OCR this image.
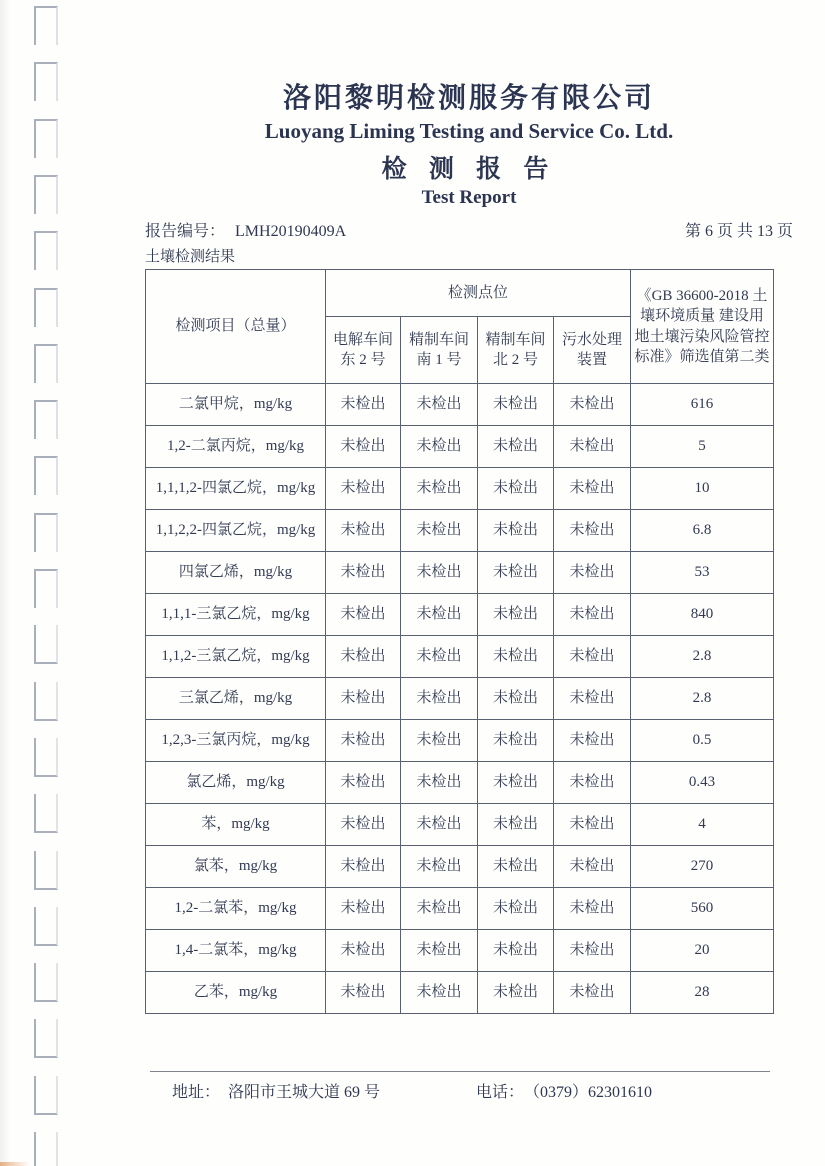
洛阳黎明检测服务有限公司
Luoyang Liming Testing and Service Co. Ltd.
检 测 报 告
Test Report
报告编号： LMH20190409A	第 6 页 共 13 页
土壤检测结果
检测项目（总量）	检测点位				《GB 36600-2018 土壤环境质量 建设用地土壤污染风险管控标准》筛选值第二类
	电解车间东 2 号	精制车间南 1 号	精制车间北 2 号	污水处理装置	
二氯甲烷，mg/kg	未检出	未检出	未检出	未检出	616
1,2-二氯丙烷，mg/kg	未检出	未检出	未检出	未检出	5
1,1,1,2-四氯乙烷，mg/kg	未检出	未检出	未检出	未检出	10
1,1,2,2-四氯乙烷，mg/kg	未检出	未检出	未检出	未检出	6.8
四氯乙烯，mg/kg	未检出	未检出	未检出	未检出	53
1,1,1-三氯乙烷，mg/kg	未检出	未检出	未检出	未检出	840
1,1,2-三氯乙烷，mg/kg	未检出	未检出	未检出	未检出	2.8
三氯乙烯，mg/kg	未检出	未检出	未检出	未检出	2.8
1,2,3-三氯丙烷，mg/kg	未检出	未检出	未检出	未检出	0.5
氯乙烯，mg/kg	未检出	未检出	未检出	未检出	0.43
苯，mg/kg	未检出	未检出	未检出	未检出	4
氯苯，mg/kg	未检出	未检出	未检出	未检出	270
1,2-二氯苯，mg/kg	未检出	未检出	未检出	未检出	560
1,4-二氯苯，mg/kg	未检出	未检出	未检出	未检出	20
乙苯，mg/kg	未检出	未检出	未检出	未检出	28
地址： 洛阳市王城大道 69 号	电话： （0379）62301610
